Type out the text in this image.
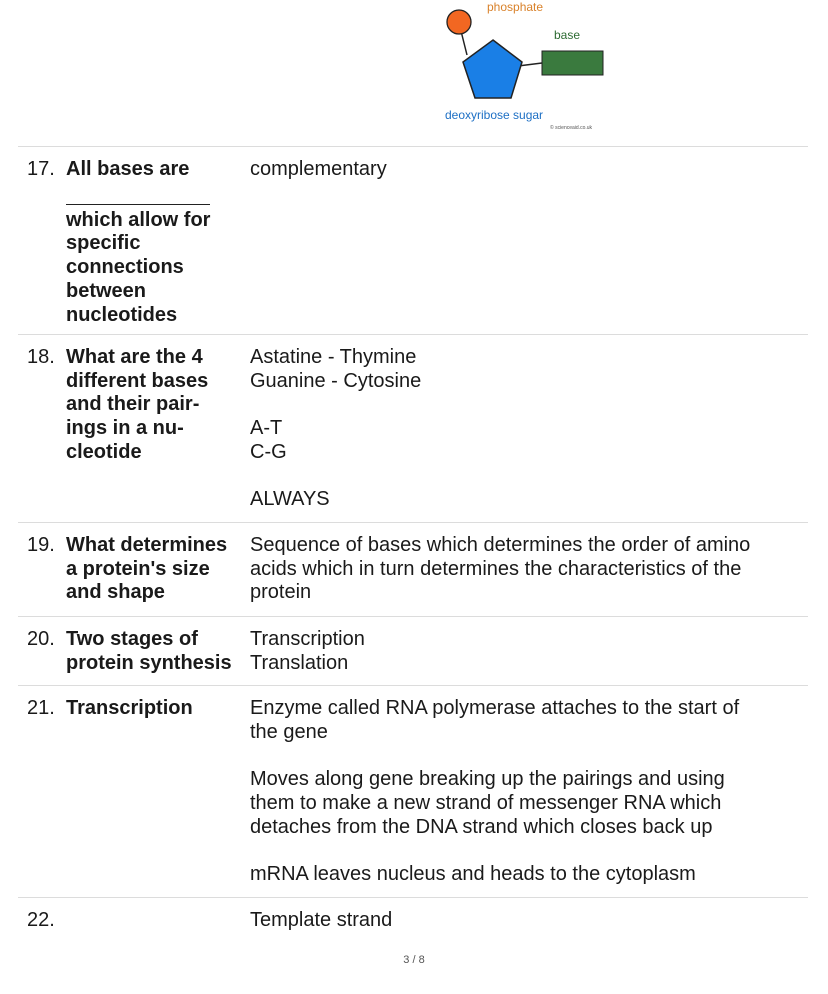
phosphate
base
deoxyribose sugar
© scienceaid.co.uk
17. All bases are
which allow for
specific
connections
between
nucleotides
complementary
18. What are the 4
different bases
and their pair-
ings in a nu-
cleotide
Astatine - Thymine
Guanine - Cytosine
A-T
C-G
ALWAYS
19. What determines
a protein's size
and shape
Sequence of bases which determines the order of amino
acids which in turn determines the characteristics of the
protein
20. Two stages of
protein synthesis
Transcription
Translation
21. Transcription	Enzyme called RNA polymerase attaches to the start of
the gene
Moves along gene breaking up the pairings and using
them to make a new strand of messenger RNA which
detaches from the DNA strand which closes back up
mRNA leaves nucleus and heads to the cytoplasm
22.	Template strand
3 / 8
